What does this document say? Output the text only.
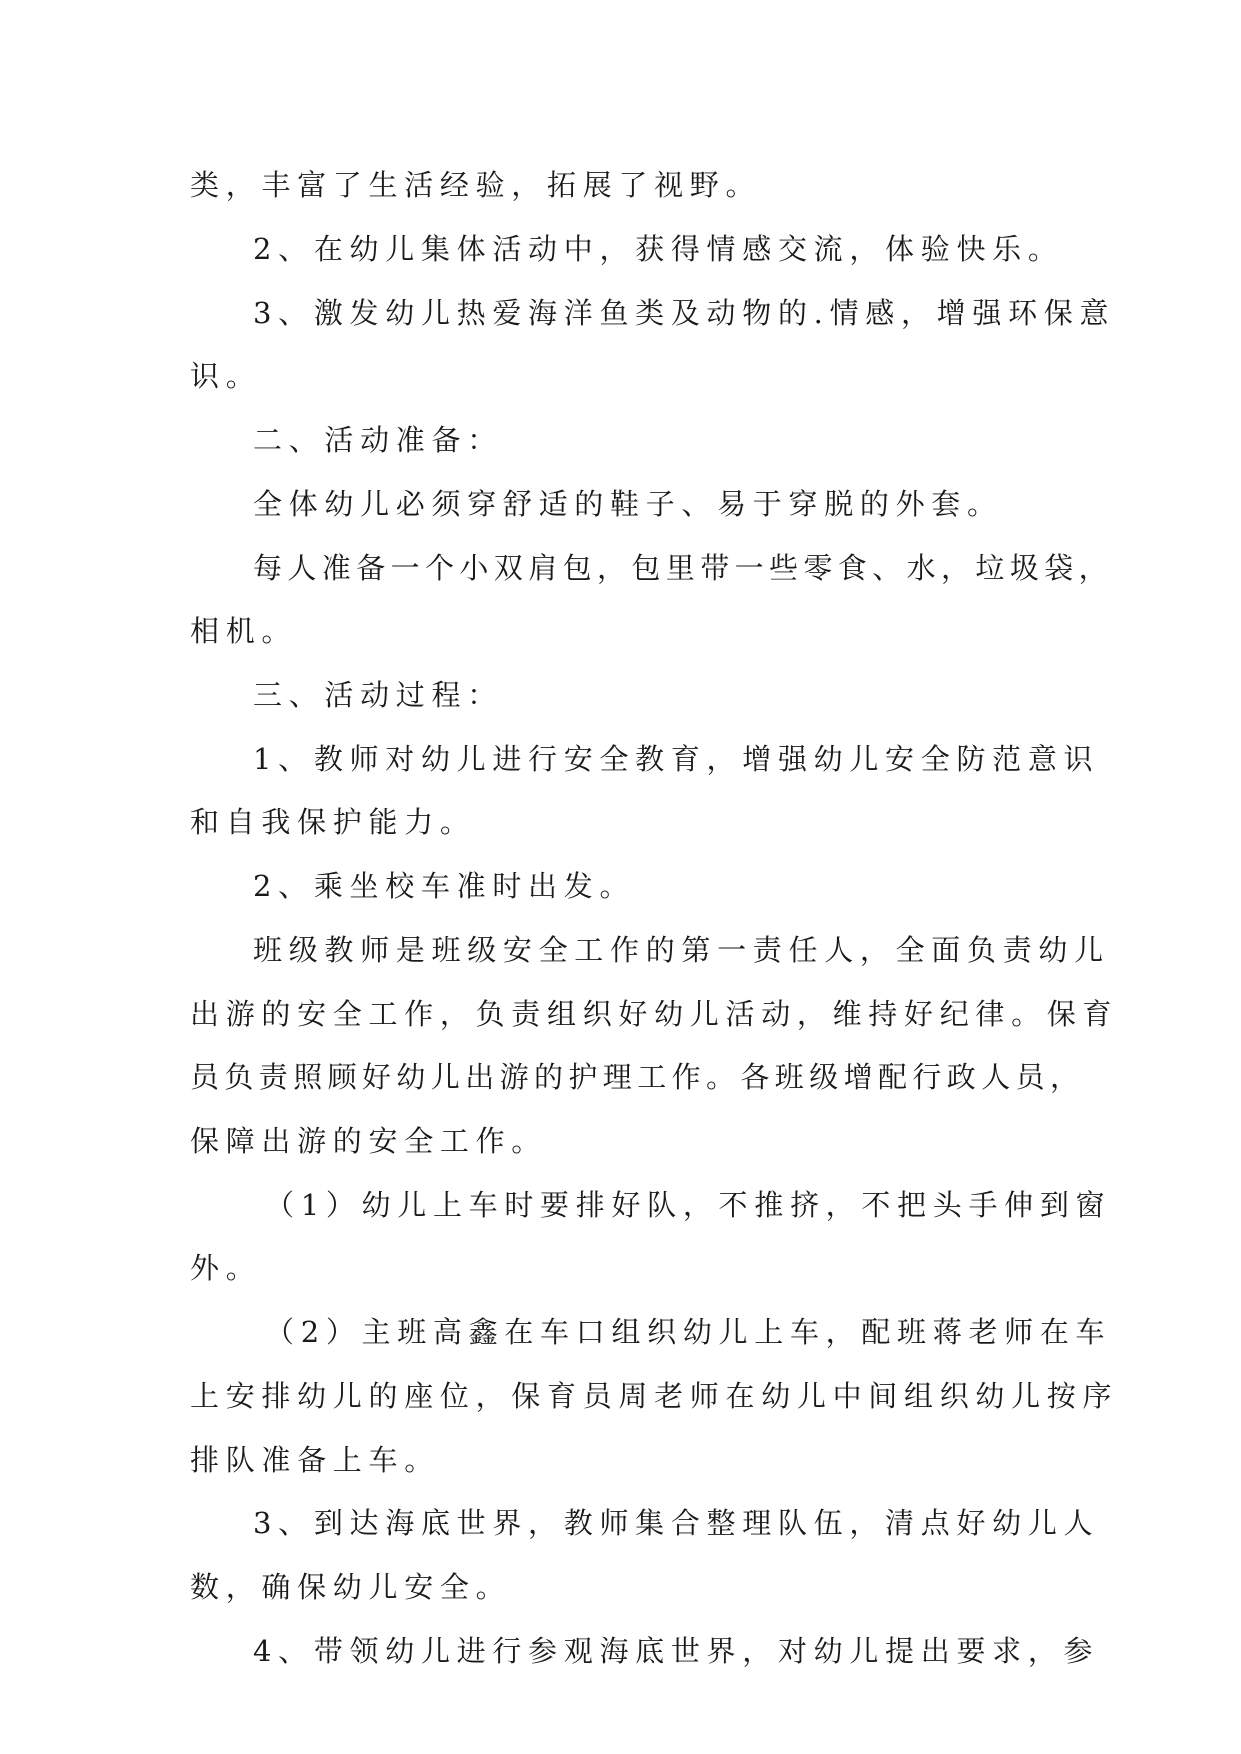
类，丰富了生活经验，拓展了视野。

2、在幼儿集体活动中，获得情感交流，体验快乐。

3、激发幼儿热爱海洋鱼类及动物的.情感，增强环保意

识。

二、活动准备：

全体幼儿必须穿舒适的鞋子、易于穿脱的外套。

每人准备一个小双肩包，包里带一些零食、水，垃圾袋，

相机。

三、活动过程：

1、教师对幼儿进行安全教育，增强幼儿安全防范意识

和自我保护能力。

2、乘坐校车准时出发。

班级教师是班级安全工作的第一责任人，全面负责幼儿

出游的安全工作，负责组织好幼儿活动，维持好纪律。保育

员负责照顾好幼儿出游的护理工作。各班级增配行政人员，

保障出游的安全工作。

（1）幼儿上车时要排好队，不推挤，不把头手伸到窗

外。

（2）主班高鑫在车口组织幼儿上车，配班蒋老师在车

上安排幼儿的座位，保育员周老师在幼儿中间组织幼儿按序

排队准备上车。

3、到达海底世界，教师集合整理队伍，清点好幼儿人

数，确保幼儿安全。

4、带领幼儿进行参观海底世界，对幼儿提出要求，参
